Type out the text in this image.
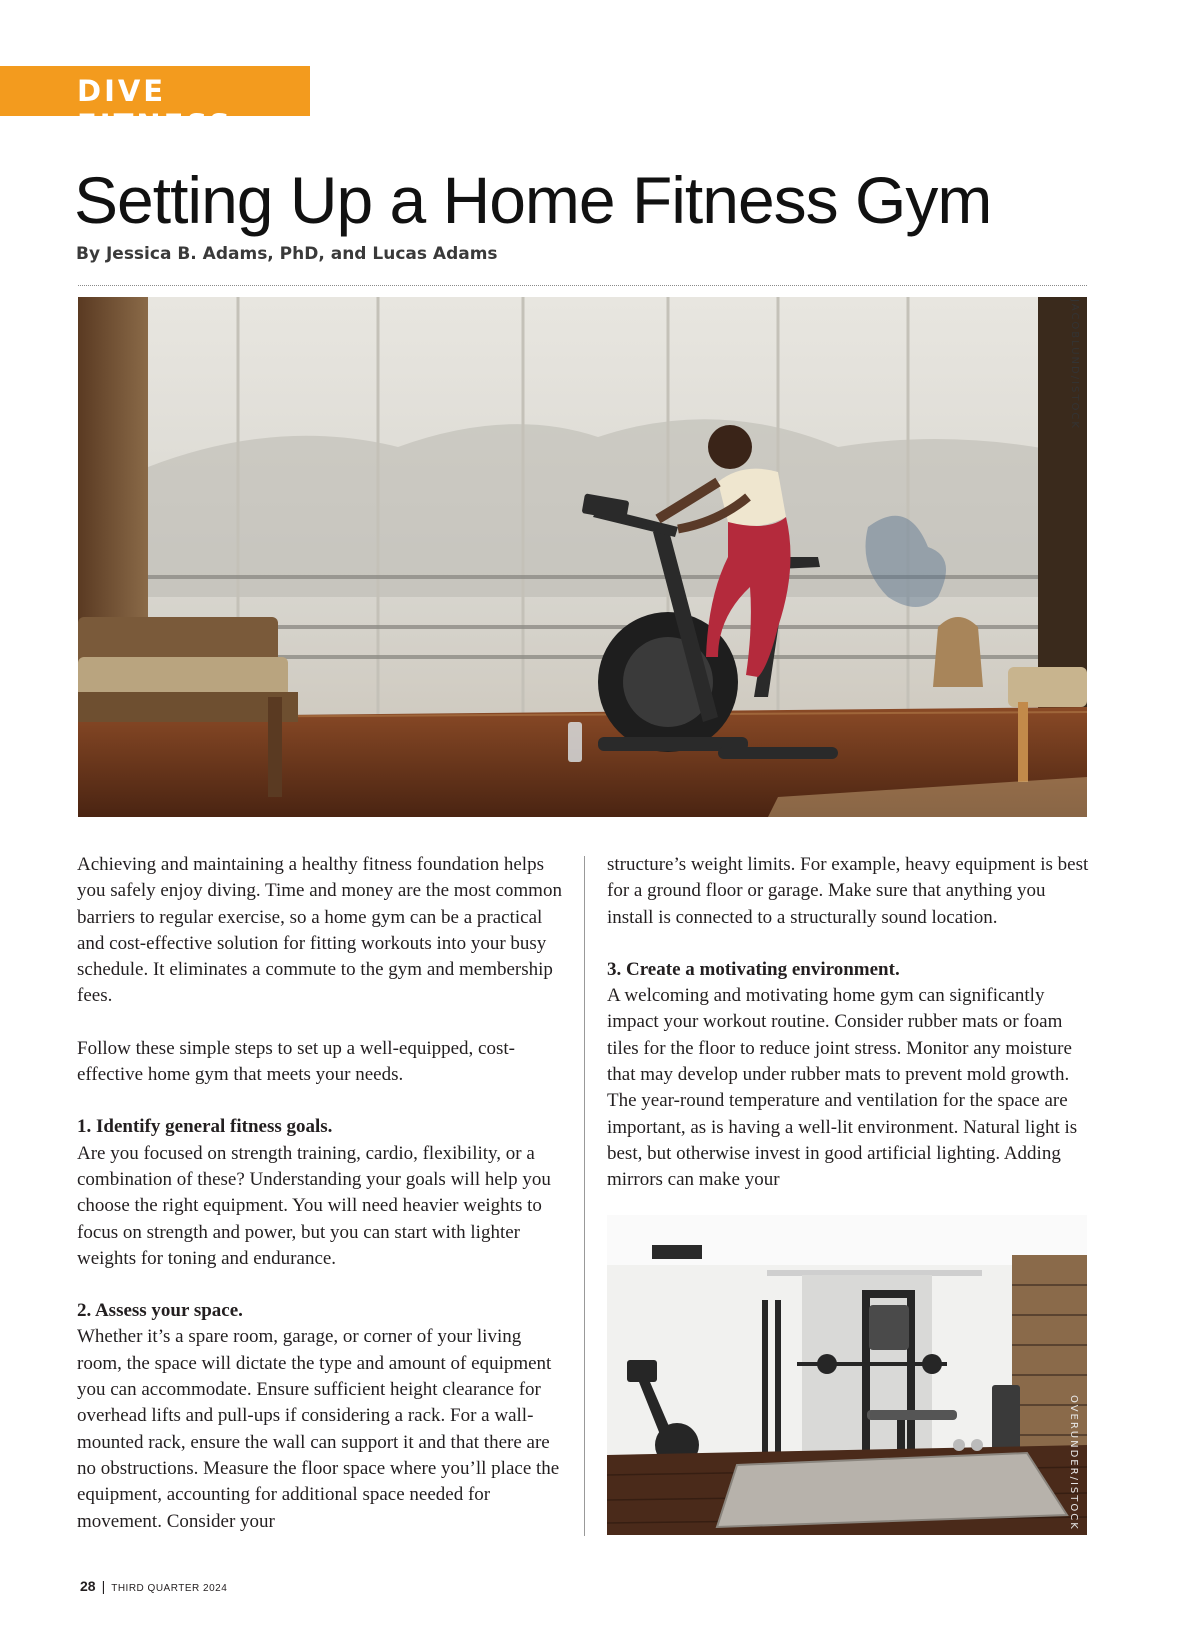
DIVE FITNESS
Setting Up a Home Fitness Gym
By Jessica B. Adams, PhD, and Lucas Adams
JACOBLUND/ISTOCK

Achieving and maintaining a healthy fitness foundation helps you safely enjoy diving. Time and money are the most common barriers to regular exercise, so a home gym can be a practical and cost-effective solution for fitting workouts into your busy schedule. It eliminates a commute to the gym and membership fees.

Follow these simple steps to set up a well-equipped, cost-effective home gym that meets your needs.

1. Identify general fitness goals.

Are you focused on strength training, cardio, flexibility, or a combination of these? Understanding your goals will help you choose the right equipment. You will need heavier weights to focus on strength and power, but you can start with lighter weights for toning and endurance.

2. Assess your space.

Whether it’s a spare room, garage, or corner of your living room, the space will dictate the type and amount of equipment you can accommodate. Ensure sufficient height clearance for overhead lifts and pull-ups if considering a rack. For a wall-mounted rack, ensure the wall can support it and that there are no obstructions. Measure the floor space where you’ll place the equipment, accounting for additional space needed for movement. Consider your

structure’s weight limits. For example, heavy equipment is best for a ground floor or garage. Make sure that anything you install is connected to a structurally sound location.

3. Create a motivating environment.

A welcoming and motivating home gym can significantly impact your workout routine. Consider rubber mats or foam tiles for the floor to reduce joint stress. Monitor any moisture that may develop under rubber mats to prevent mold growth. The year-round temperature and ventilation for the space are important, as is having a well-lit environment. Natural light is best, but otherwise invest in good artificial lighting. Adding mirrors can make your

OVERUNDER/ISTOCK
28 | THIRD QUARTER 2024
